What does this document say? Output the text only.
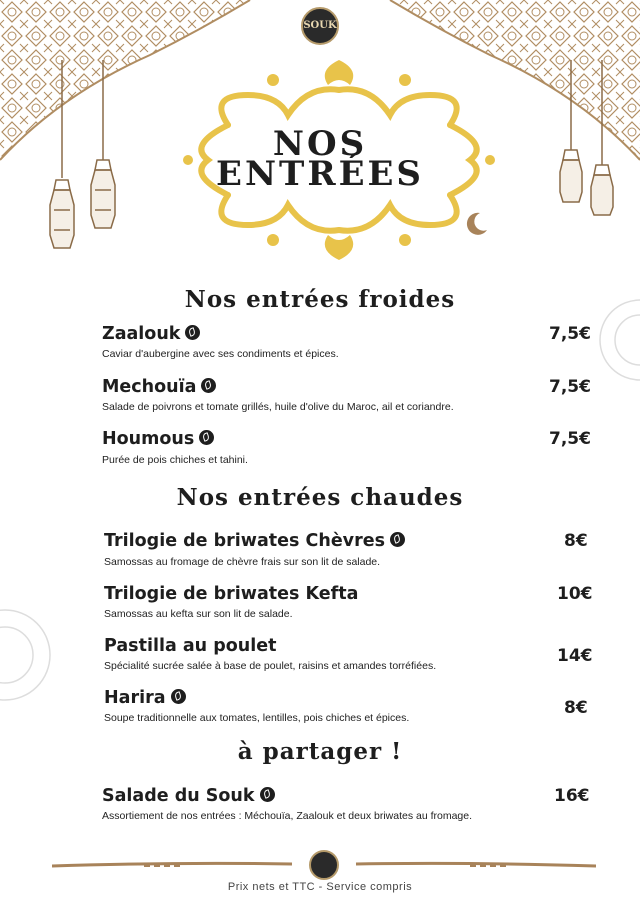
SOUK
NOS
ENTRÉES
Nos entrées froides
Zaalouk
Caviar d'aubergine avec ses condiments et épices.
7,5€
Mechouïa
Salade de poivrons et tomate grillés, huile d'olive du Maroc, ail et coriandre.
7,5€
Houmous
Purée de pois chiches et tahini.
7,5€
Nos entrées chaudes
Trilogie de briwates Chèvres
Samossas au fromage de chèvre frais sur son lit de salade.
8€
Trilogie de briwates Kefta
Samossas au kefta sur son lit de salade.
10€
Pastilla au poulet
Spécialité sucrée salée à base de poulet, raisins et amandes torréfiées.	14€
Harira
Soupe traditionnelle aux tomates, lentilles, pois chiches et épices.	8€
à partager !
Salade du Souk
Assortiement de nos entrées : Méchouïa, Zaalouk et deux briwates au fromage.
16€
Prix nets et TTC - Service compris
